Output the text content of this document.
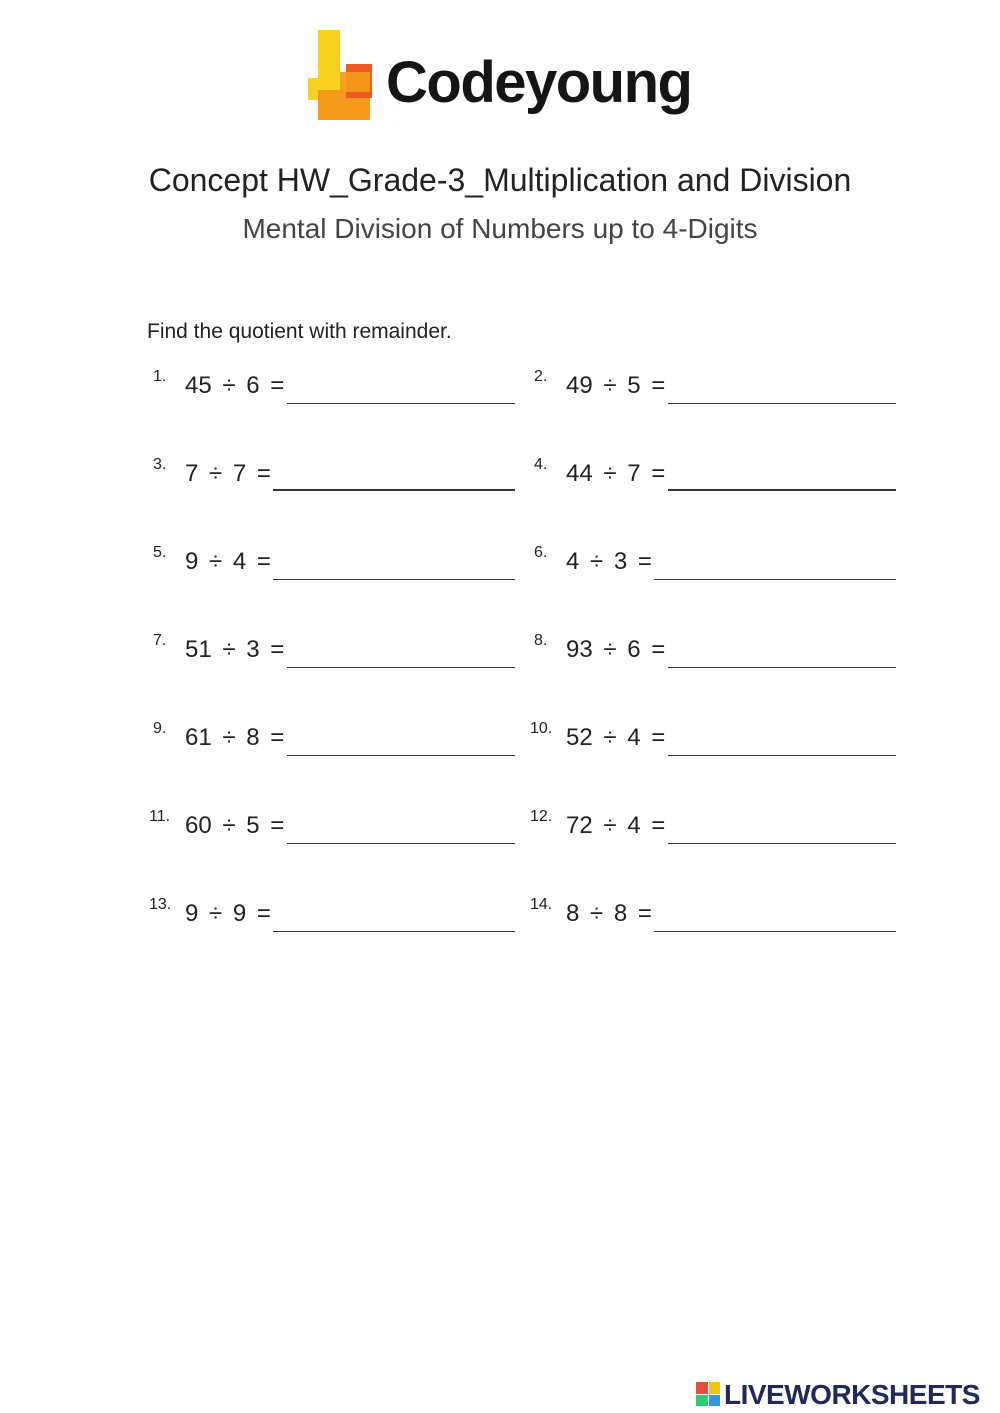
Codeyoung
Concept HW_Grade-3_Multiplication and Division
Mental Division of Numbers up to 4-Digits
Find the quotient with remainder.
1. 45 ÷ 6 =	2. 49 ÷ 5 =
3. 7 ÷ 7 =	4. 44 ÷ 7 =
5. 9 ÷ 4 =	6. 4 ÷ 3 =
7. 51 ÷ 3 =	8. 93 ÷ 6 =
9. 61 ÷ 8 =	10. 52 ÷ 4 =
11. 60 ÷ 5 =	12. 72 ÷ 4 =
13. 9 ÷ 9 =	14. 8 ÷ 8 =
LIVEWORKSHEETS
